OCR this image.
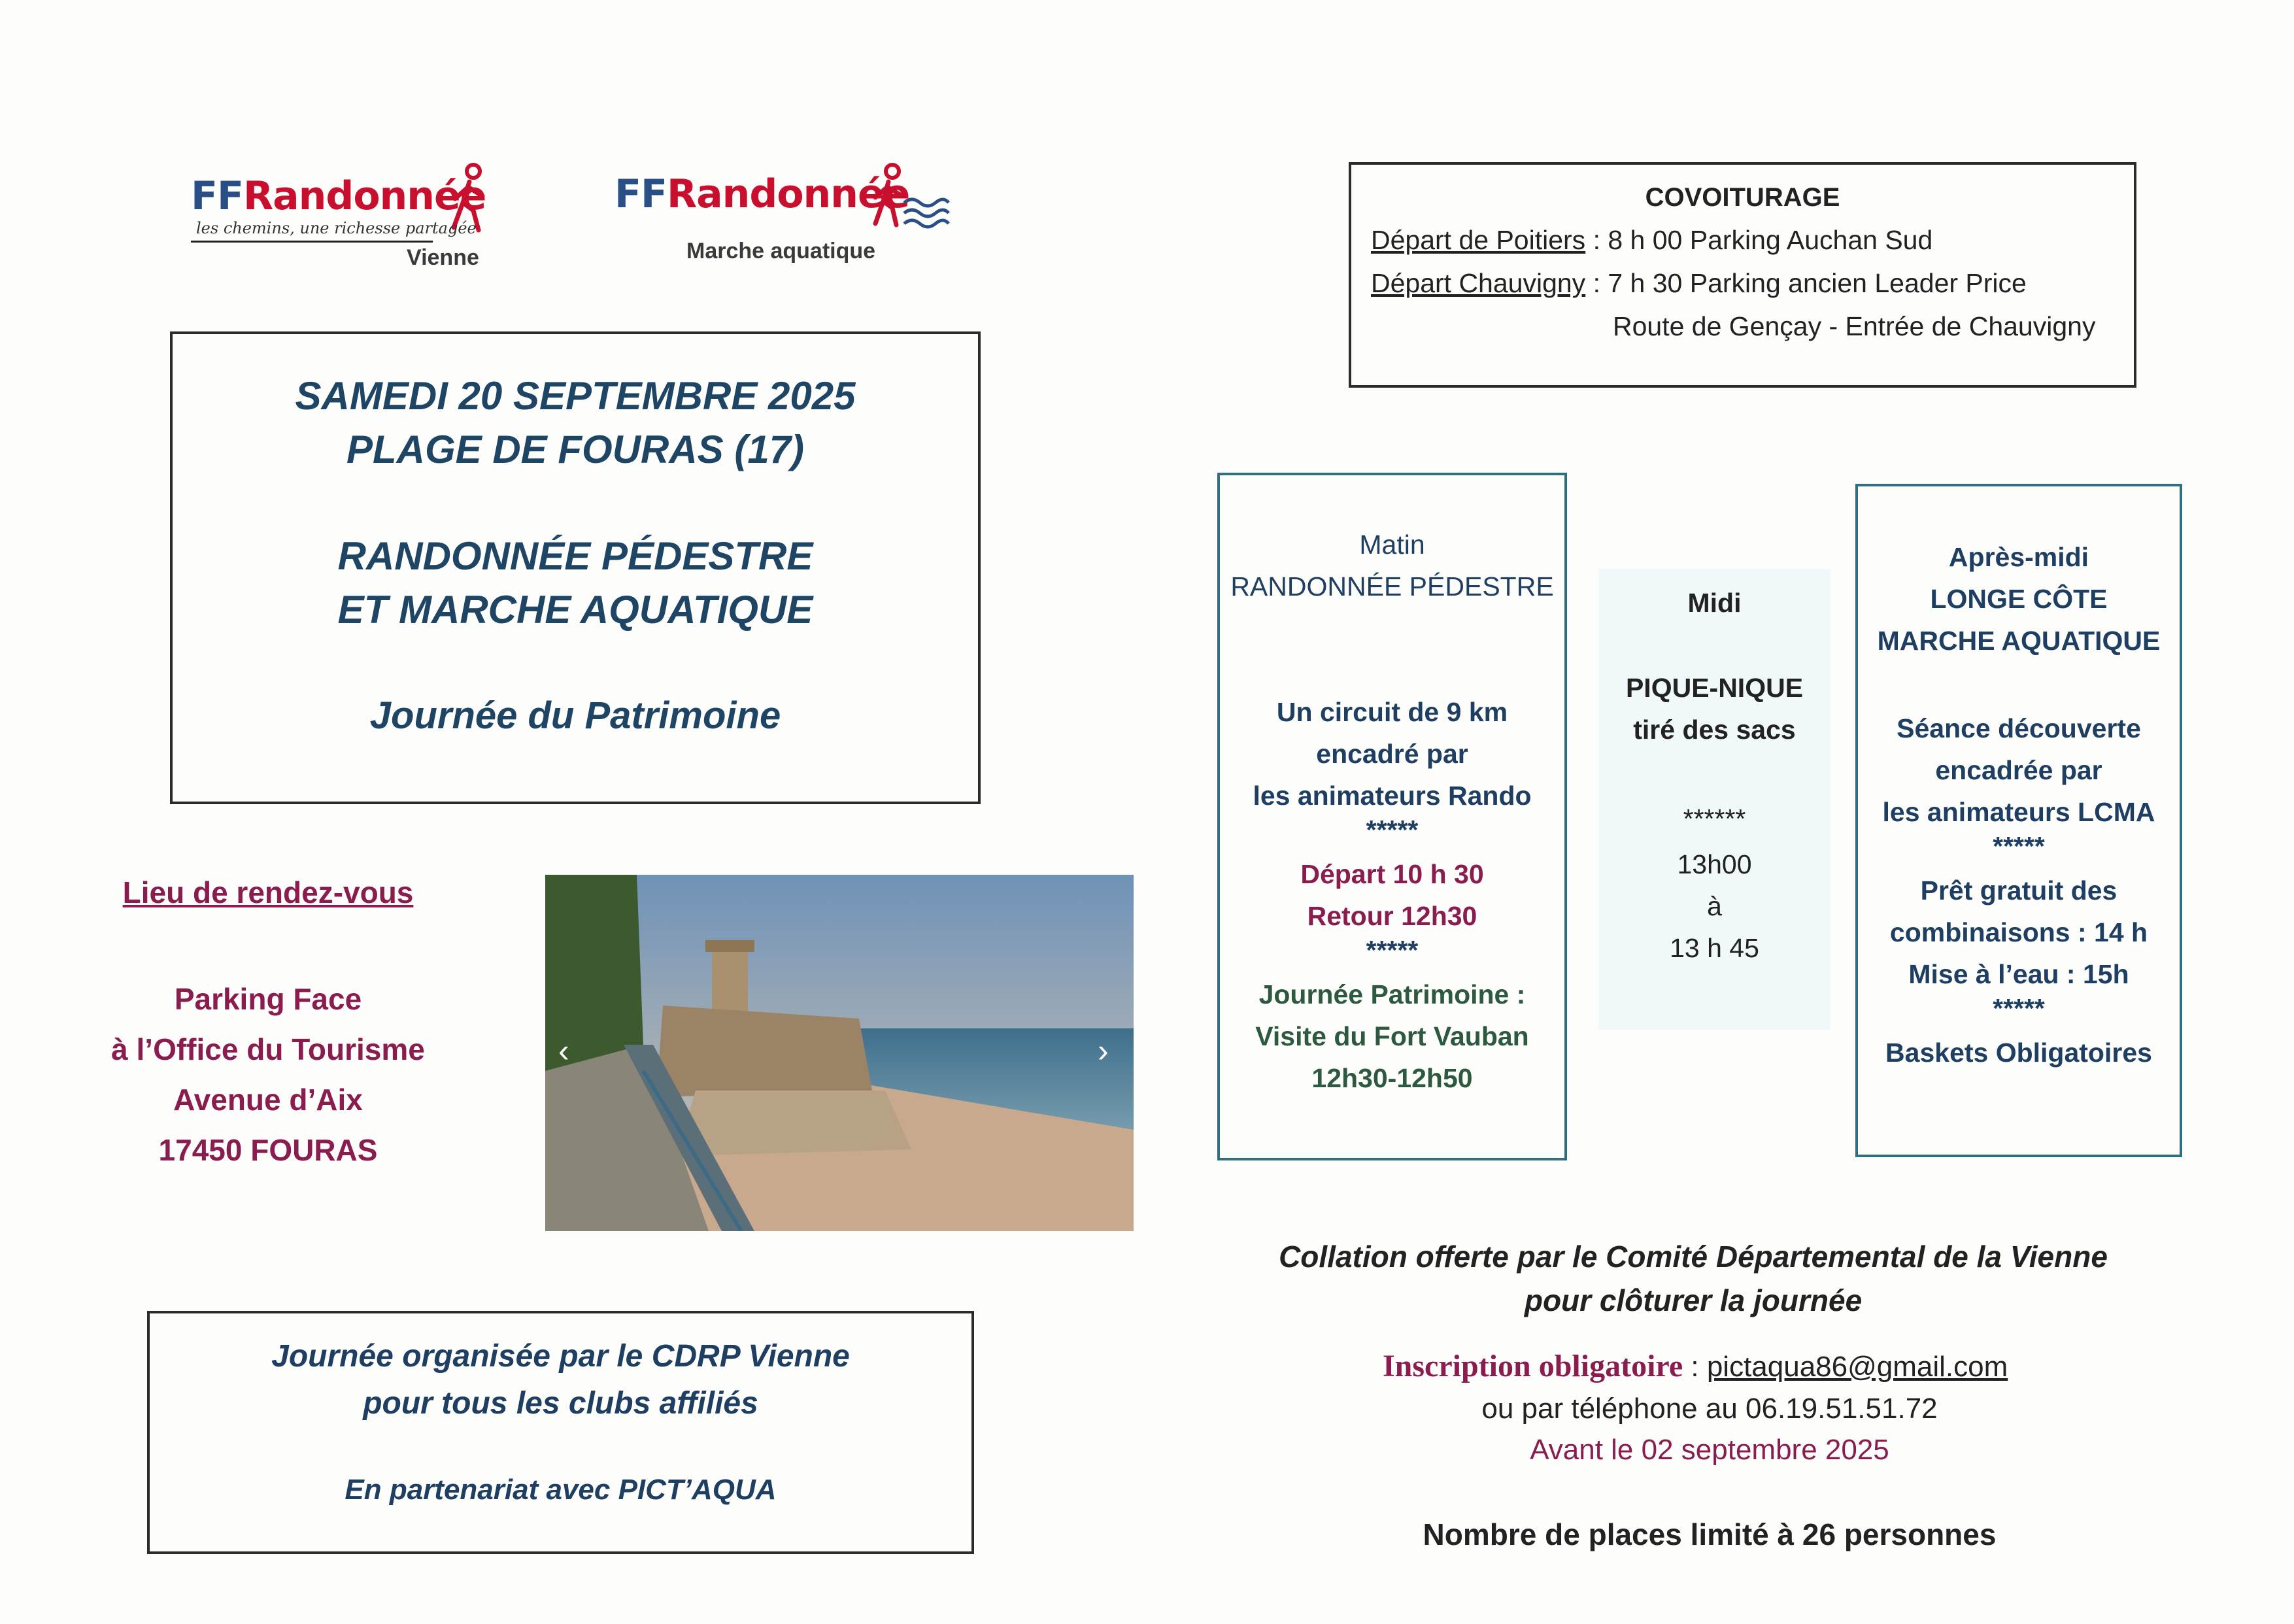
FFRandonnée
les chemins, une richesse partagée
Vienne
FFRandonnée
Marche aquatique
SAMEDI 20 SEPTEMBRE 2025
PLAGE DE FOURAS (17)
RANDONNÉE PÉDESTRE
ET MARCHE AQUATIQUE
Journée du Patrimoine
COVOITURAGE
Départ de Poitiers : 8 h 00 Parking Auchan Sud
Départ Chauvigny : 7 h 30 Parking ancien Leader Price
Route de Gençay - Entrée de Chauvigny
Lieu de rendez-vous
Parking Face
à l’Office du Tourisme
Avenue d’Aix
17450 FOURAS
‹	›
Matin
RANDONNÉE PÉDESTRE
Un circuit de 9 km
encadré par
les animateurs Rando
*****
Départ 10 h 30
Retour 12h30
*****
Journée Patrimoine :
Visite du Fort Vauban
12h30-12h50
Midi
PIQUE-NIQUE
tiré des sacs
******
13h00
à
13 h 45
Après-midi
LONGE CÔTE
MARCHE AQUATIQUE
Séance découverte
encadrée par
les animateurs LCMA
*****
Prêt gratuit des
combinaisons : 14 h
Mise à l’eau : 15h
*****
Baskets Obligatoires
Journée organisée par le CDRP Vienne
pour tous les clubs affiliés
En partenariat avec PICT’AQUA
Collation offerte par le Comité Départemental de la Vienne
pour clôturer la journée
Inscription obligatoire : pictaqua86@gmail.com
ou par téléphone au 06.19.51.51.72
Avant le 02 septembre 2025
Nombre de places limité à 26 personnes
